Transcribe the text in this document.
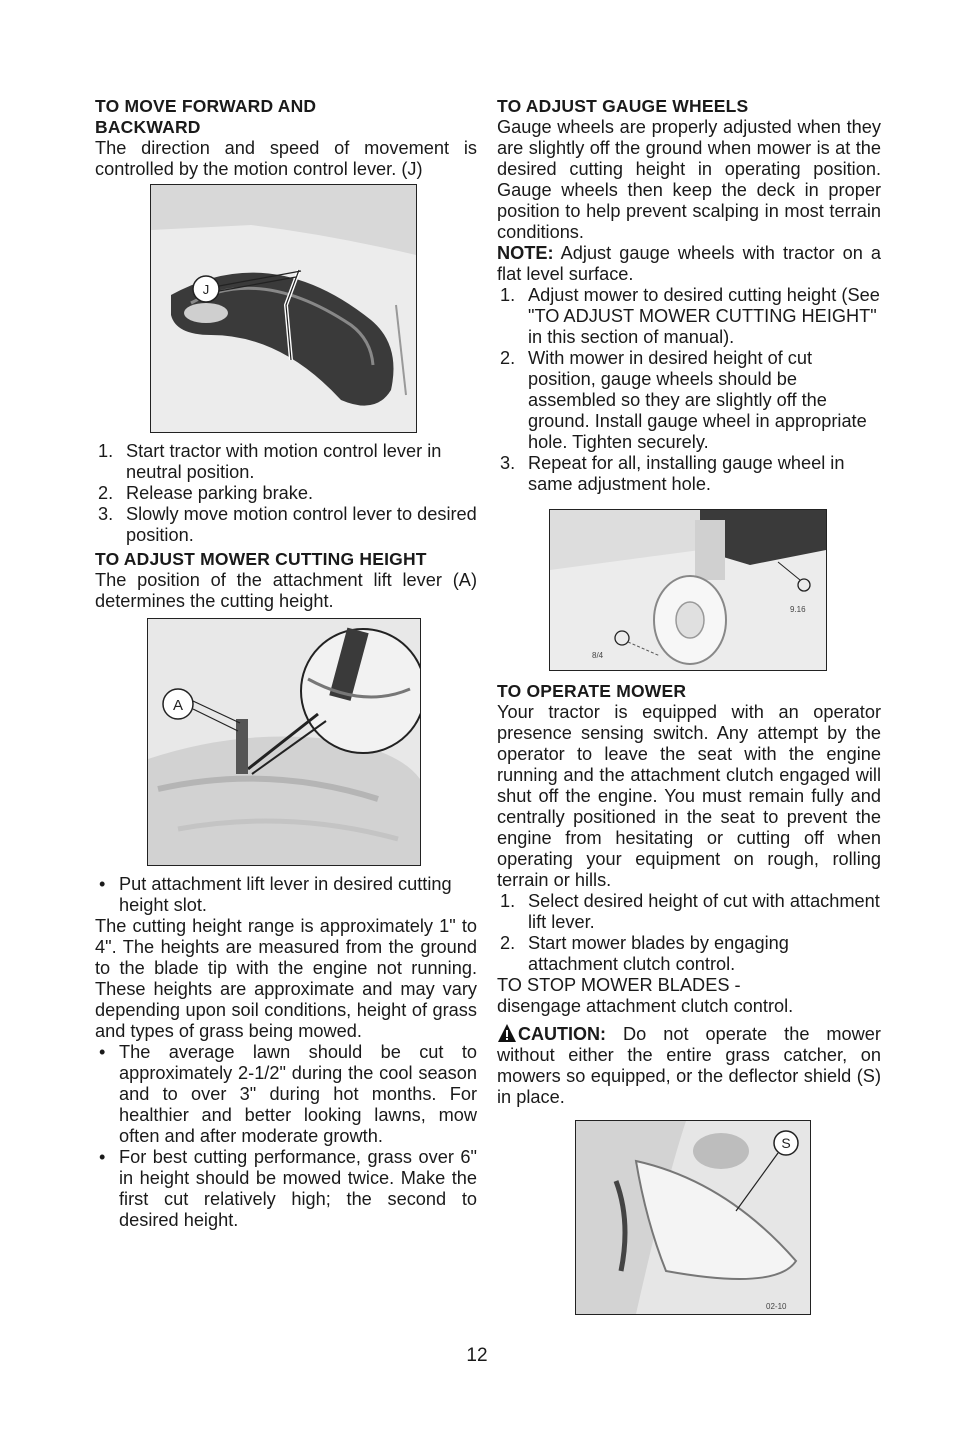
TO MOVE FORWARD AND
BACKWARD

The direction and speed of movement is controlled by the motion control lever. (J)

J
1. Start tractor with motion control lever in neutral position.
2. Release parking brake.
3. Slowly move motion control lever to desired position.
TO ADJUST MOWER CUTTING HEIGHT

The position of the attachment lift lever (A) determines the cutting height.

A
• Put attachment lift lever in desired cutting height slot.

The cutting height range is approximately 1" to 4". The heights are measured from the ground to the blade tip with the engine not running. These heights are approximate and may vary depending upon soil conditions, height of grass and types of grass being mowed.

• The average lawn should be cut to approximately 2-1/2" during the cool season and to over 3" during hot months. For healthier and better looking lawns, mow often and after moderate growth.
• For best cutting performance, grass over 6" in height should be mowed twice. Make the first cut relatively high; the second to desired height.
TO ADJUST GAUGE WHEELS

Gauge wheels are properly adjusted when they are slightly off the ground when mower is at the desired cutting height in operating position. Gauge wheels then keep the deck in proper position to help prevent scalping in most terrain conditions.

NOTE: Adjust gauge wheels with tractor on a flat level surface.

1. Adjust mower to desired cutting height (See "TO ADJUST MOWER CUTTING HEIGHT" in this section of manual).
2. With mower in desired height of cut position, gauge wheels should be assembled so they are slightly off the ground. Install gauge wheel in appropriate hole. Tighten securely.
3. Repeat for all, installing gauge wheel in same adjustment hole.
9.16
8/4
TO OPERATE MOWER

Your tractor is equipped with an operator presence sensing switch. Any attempt by the operator to leave the seat with the engine running and the attachment clutch engaged will shut off the engine. You must remain fully and centrally positioned in the seat to prevent the engine from hesitating or cutting off when operating your equipment on rough, rolling terrain or hills.

1. Select desired height of cut with attachment lift lever.
2. Start mower blades by engaging attachment clutch control.

TO STOP MOWER BLADES -

disengage attachment clutch control.

CAUTION: Do not operate the mower without either the entire grass catcher, on mowers so equipped, or the deflector shield (S) in place.

S
02-10
12
